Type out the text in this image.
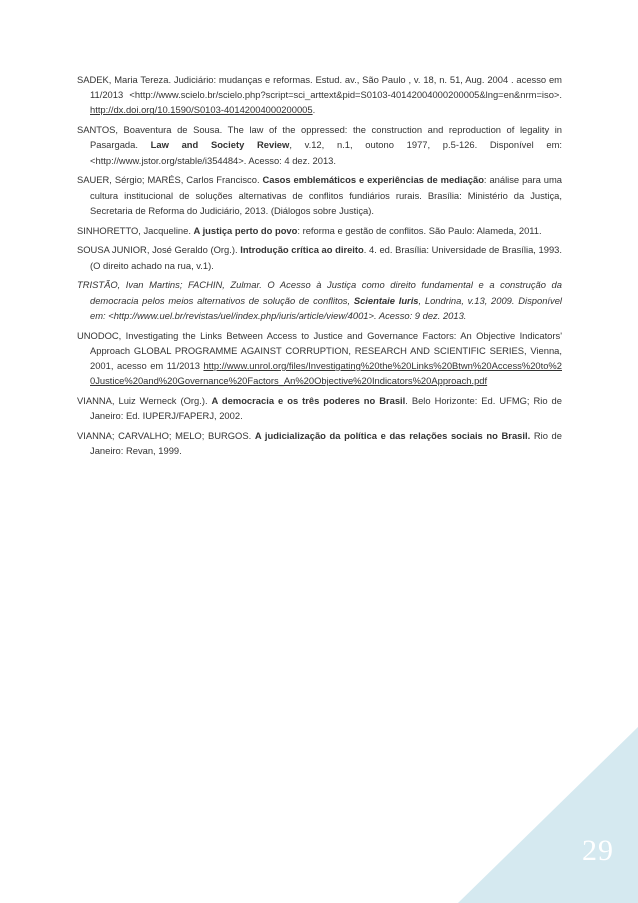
SADEK, Maria Tereza. Judiciário: mudanças e reformas. Estud. av., São Paulo , v. 18, n. 51, Aug. 2004 . acesso em 11/2013 <http://www.scielo.br/scielo.php?script=sci_arttext&pid=S0103-40142004000200005&lng=en&nrm=iso>. http://dx.doi.org/10.1590/S0103-40142004000200005.

SANTOS, Boaventura de Sousa. The law of the oppressed: the construction and reproduction of legality in Pasargada. Law and Society Review, v.12, n.1, outono 1977, p.5-126. Disponível em: <http://www.jstor.org/stable/i354484>. Acesso: 4 dez. 2013.

SAUER, Sérgio; MARÉS, Carlos Francisco. Casos emblemáticos e experiências de mediação: análise para uma cultura institucional de soluções alternativas de conflitos fundiários rurais. Brasília: Ministério da Justiça, Secretaria de Reforma do Judiciário, 2013. (Diálogos sobre Justiça).

SINHORETTO, Jacqueline. A justiça perto do povo: reforma e gestão de conflitos. São Paulo: Alameda, 2011.

SOUSA JUNIOR, José Geraldo (Org.). Introdução crítica ao direito. 4. ed. Brasília: Universidade de Brasília, 1993. (O direito achado na rua, v.1).

TRISTÃO, Ivan Martins; FACHIN, Zulmar. O Acesso à Justiça como direito fundamental e a construção da democracia pelos meios alternativos de solução de conflitos, Scientaie Iuris, Londrina, v.13, 2009. Disponível em: <http://www.uel.br/revistas/uel/index.php/iuris/article/view/4001>. Acesso: 9 dez. 2013.

UNODOC, Investigating the Links Between Access to Justice and Governance Factors: An Objective Indicators' Approach GLOBAL PROGRAMME AGAINST CORRUPTION, RESEARCH AND SCIENTIFIC SERIES, Vienna, 2001, acesso em 11/2013 http://www.unrol.org/files/Investigating%20the%20Links%20Btwn%20Access%20to%20Justice%20and%20Governance%20Factors_An%20Objective%20Indicators%20Approach.pdf

VIANNA, Luiz Werneck (Org.). A democracia e os três poderes no Brasil. Belo Horizonte: Ed. UFMG; Rio de Janeiro: Ed. IUPERJ/FAPERJ, 2002.

VIANNA; CARVALHO; MELO; BURGOS. A judicialização da política e das relações sociais no Brasil. Rio de Janeiro: Revan, 1999.

29
